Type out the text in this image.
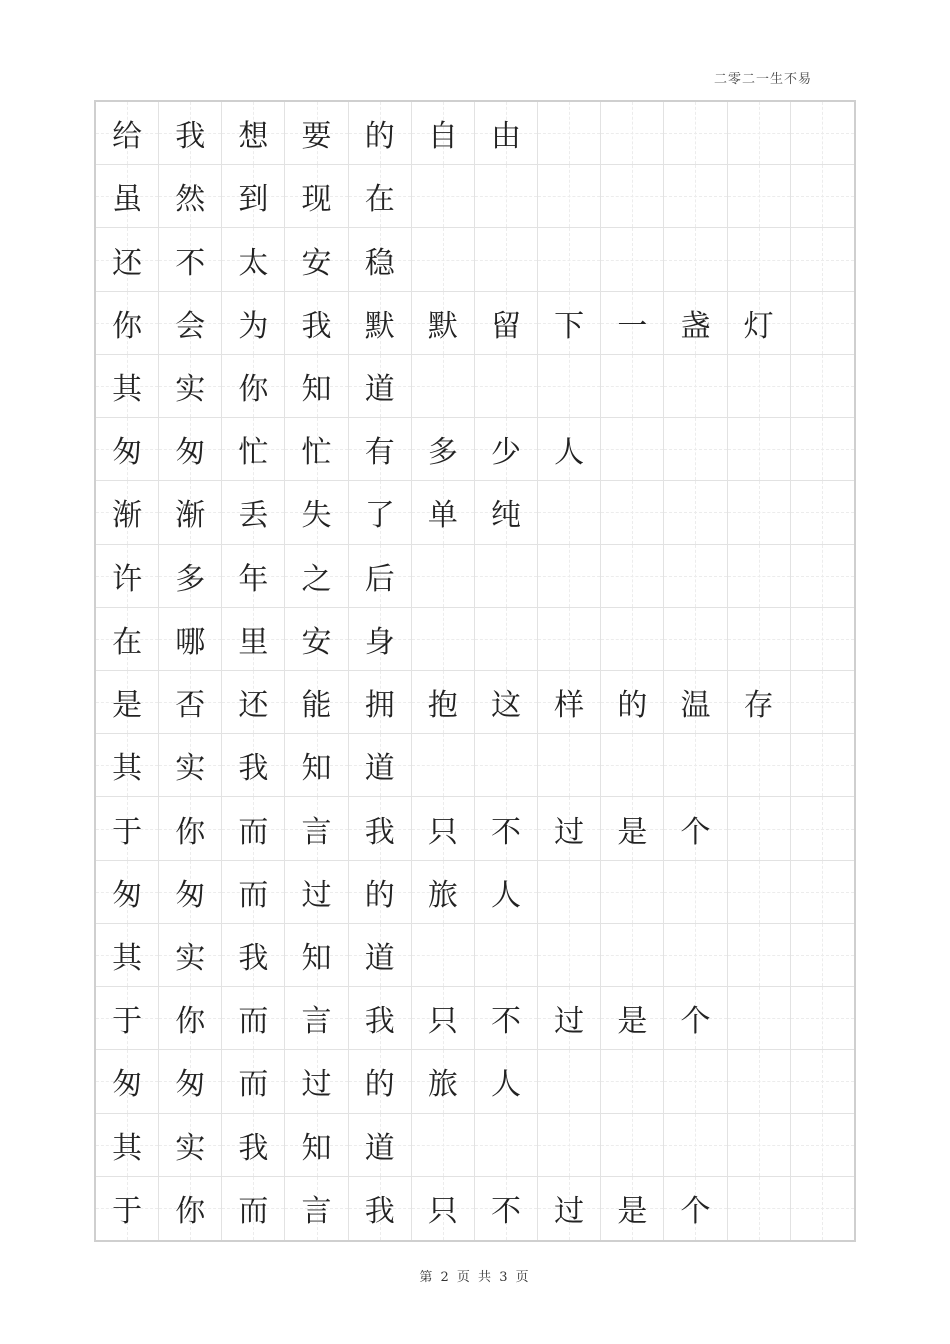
二零二一生不易
给 我 想 要 的 自 由
虽 然 到 现 在
还 不 太 安 稳
你 会 为 我 默 默 留 下 一 盏 灯
其 实 你 知 道
匆 匆 忙 忙 有 多 少 人
渐 渐 丢 失 了 单 纯
许 多 年 之 后
在 哪 里 安 身
是 否 还 能 拥 抱 这 样 的 温 存
其 实 我 知 道
于 你 而 言 我 只 不 过 是 个
匆 匆 而 过 的 旅 人
其 实 我 知 道
于 你 而 言 我 只 不 过 是 个
匆 匆 而 过 的 旅 人
其 实 我 知 道
于 你 而 言 我 只 不 过 是 个
第 2 页 共 3 页
